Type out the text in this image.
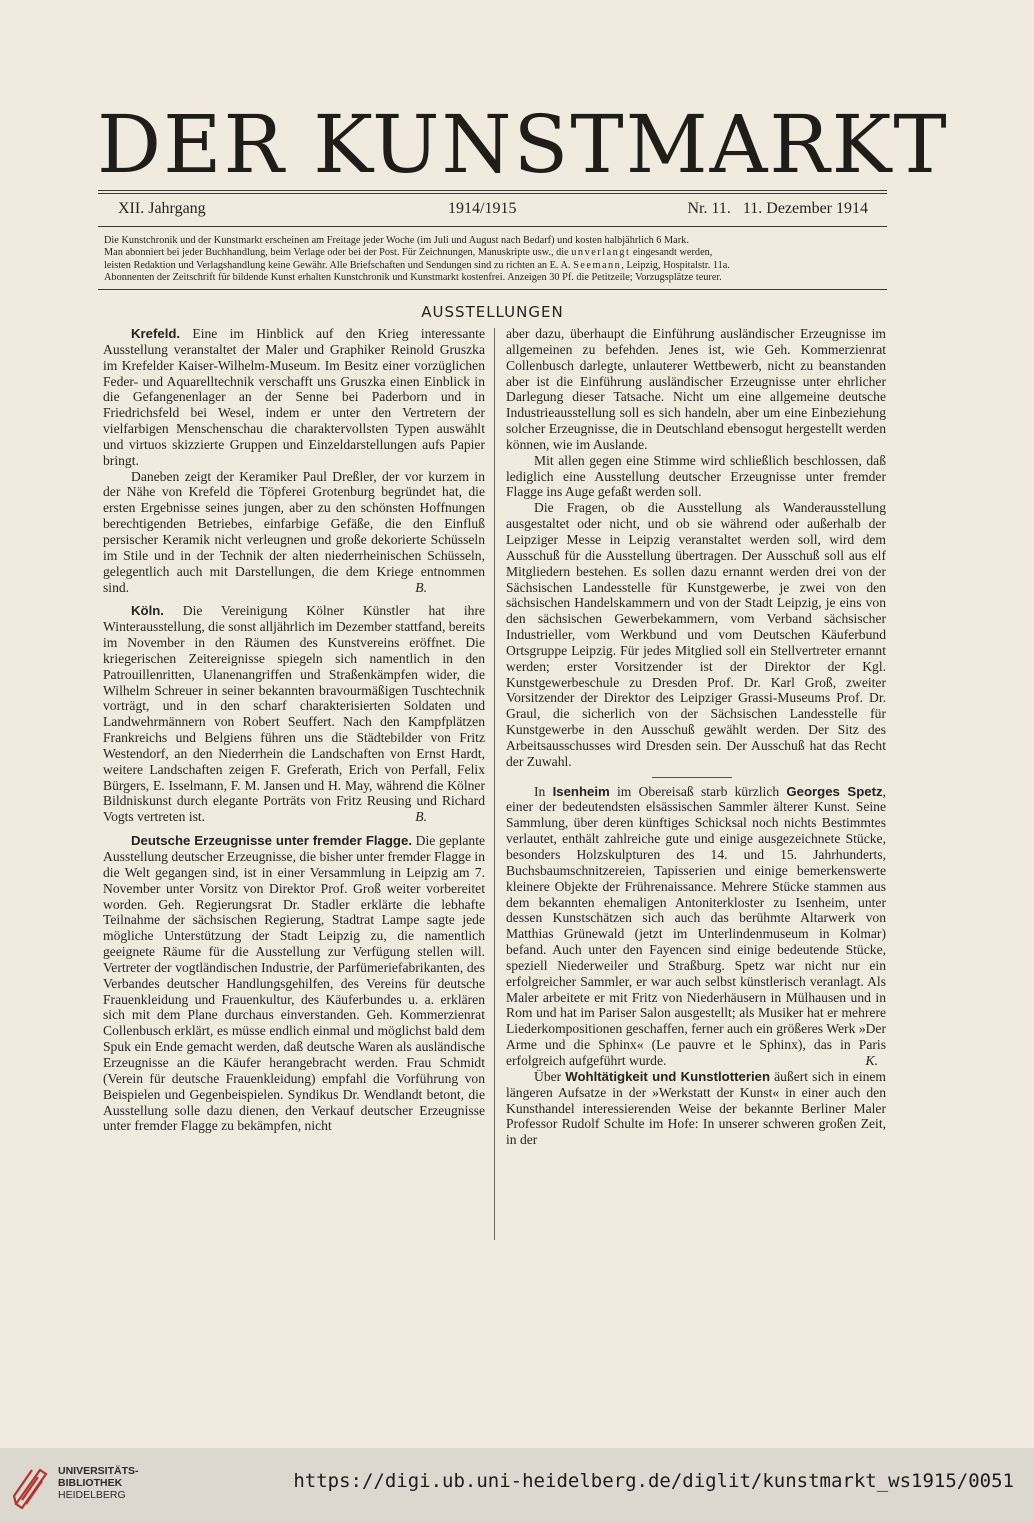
DER KUNSTMARKT
XII. Jahrgang	1914/1915	Nr. 11.   11. Dezember 1914

Die Kunstchronik und der Kunstmarkt erscheinen am Freitage jeder Woche (im Juli und August nach Bedarf) und kosten halbjährlich 6 Mark.

Man abonniert bei jeder Buchhandlung, beim Verlage oder bei der Post. Für Zeichnungen, Manuskripte usw., die unverlangt eingesandt werden,

leisten Redaktion und Verlagshandlung keine Gewähr. Alle Briefschaften und Sendungen sind zu richten an E. A. Seemann, Leipzig, Hospitalstr. 11a.

Abonnenten der Zeitschrift für bildende Kunst erhalten Kunstchronik und Kunstmarkt kostenfrei. Anzeigen 30 Pf. die Petitzeile; Vorzugsplätze teurer.

AUSSTELLUNGEN

Krefeld. Eine im Hinblick auf den Krieg interessante Ausstellung veranstaltet der Maler und Graphiker Reinold Gruszka im Krefelder Kaiser-Wilhelm-Museum. Im Besitz einer vorzüglichen Feder- und Aquarelltechnik verschafft uns Gruszka einen Einblick in die Gefangenenlager an der Senne bei Paderborn und in Friedrichsfeld bei Wesel, indem er unter den Vertretern der vielfarbigen Menschenschau die charaktervollsten Typen auswählt und virtuos skizzierte Gruppen und Einzeldarstellungen aufs Papier bringt.

Daneben zeigt der Keramiker Paul Dreßler, der vor kurzem in der Nähe von Krefeld die Töpferei Grotenburg begründet hat, die ersten Ergebnisse seines jungen, aber zu den schönsten Hoffnungen berechtigenden Betriebes, einfarbige Gefäße, die den Einfluß persischer Keramik nicht verleugnen und große dekorierte Schüsseln im Stile und in der Technik der alten niederrheinischen Schüsseln, gelegentlich auch mit Darstellungen, die dem Kriege entnommen sind.	B.

Köln. Die Vereinigung Kölner Künstler hat ihre Winterausstellung, die sonst alljährlich im Dezember stattfand, bereits im November in den Räumen des Kunstvereins eröffnet. Die kriegerischen Zeitereignisse spiegeln sich namentlich in den Patrouillenritten, Ulanenangriffen und Straßenkämpfen wider, die Wilhelm Schreuer in seiner bekannten bravourmäßigen Tuschtechnik vorträgt, und in den scharf charakterisierten Soldaten und Landwehrmännern von Robert Seuffert. Nach den Kampfplätzen Frankreichs und Belgiens führen uns die Städtebilder von Fritz Westendorf, an den Niederrhein die Landschaften von Ernst Hardt, weitere Landschaften zeigen F. Greferath, Erich von Perfall, Felix Bürgers, E. Isselmann, F. M. Jansen und H. May, während die Kölner Bildniskunst durch elegante Porträts von Fritz Reusing und Richard Vogts vertreten ist.	B.

Deutsche Erzeugnisse unter fremder Flagge. Die geplante Ausstellung deutscher Erzeugnisse, die bisher unter fremder Flagge in die Welt gegangen sind, ist in einer Versammlung in Leipzig am 7. November unter Vorsitz von Direktor Prof. Groß weiter vorbereitet worden. Geh. Regierungsrat Dr. Stadler erklärte die lebhafte Teilnahme der sächsischen Regierung, Stadtrat Lampe sagte jede mögliche Unterstützung der Stadt Leipzig zu, die namentlich geeignete Räume für die Ausstellung zur Verfügung stellen will. Vertreter der vogtländischen Industrie, der Parfümeriefabrikanten, des Verbandes deutscher Handlungsgehilfen, des Vereins für deutsche Frauenkleidung und Frauenkultur, des Käuferbundes u. a. erklären sich mit dem Plane durchaus einverstanden. Geh. Kommerzienrat Collenbusch erklärt, es müsse endlich einmal und möglichst bald dem Spuk ein Ende gemacht werden, daß deutsche Waren als ausländische Erzeugnisse an die Käufer herangebracht werden. Frau Schmidt (Verein für deutsche Frauenkleidung) empfahl die Vorführung von Beispielen und Gegenbeispielen. Syndikus Dr. Wendlandt betont, die Ausstellung solle dazu dienen, den Verkauf deutscher Erzeugnisse unter fremder Flagge zu bekämpfen, nicht

aber dazu, überhaupt die Einführung ausländischer Erzeugnisse im allgemeinen zu befehden. Jenes ist, wie Geh. Kommerzienrat Collenbusch darlegte, unlauterer Wettbewerb, nicht zu beanstanden aber ist die Einführung ausländischer Erzeugnisse unter ehrlicher Darlegung dieser Tatsache. Nicht um eine allgemeine deutsche Industrieausstellung soll es sich handeln, aber um eine Einbeziehung solcher Erzeugnisse, die in Deutschland ebensogut hergestellt werden können, wie im Auslande.

Mit allen gegen eine Stimme wird schließlich beschlossen, daß lediglich eine Ausstellung deutscher Erzeugnisse unter fremder Flagge ins Auge gefaßt werden soll.

Die Fragen, ob die Ausstellung als Wanderausstellung ausgestaltet oder nicht, und ob sie während oder außerhalb der Leipziger Messe in Leipzig veranstaltet werden soll, wird dem Ausschuß für die Ausstellung übertragen. Der Ausschuß soll aus elf Mitgliedern bestehen. Es sollen dazu ernannt werden drei von der Sächsischen Landesstelle für Kunstgewerbe, je zwei von den sächsischen Handelskammern und von der Stadt Leipzig, je eins von den sächsischen Gewerbekammern, vom Verband sächsischer Industrieller, vom Werkbund und vom Deutschen Käuferbund Ortsgruppe Leipzig. Für jedes Mitglied soll ein Stellvertreter ernannt werden; erster Vorsitzender ist der Direktor der Kgl. Kunstgewerbeschule zu Dresden Prof. Dr. Karl Groß, zweiter Vorsitzender der Direktor des Leipziger Grassi-Museums Prof. Dr. Graul, die sicherlich von der Sächsischen Landesstelle für Kunstgewerbe in den Ausschuß gewählt werden. Der Sitz des Arbeitsausschusses wird Dresden sein. Der Ausschuß hat das Recht der Zuwahl.

In Isenheim im Obereisaß starb kürzlich Georges Spetz, einer der bedeutendsten elsässischen Sammler älterer Kunst. Seine Sammlung, über deren künftiges Schicksal noch nichts Bestimmtes verlautet, enthält zahlreiche gute und einige ausgezeichnete Stücke, besonders Holzskulpturen des 14. und 15. Jahrhunderts, Buchsbaumschnitzereien, Tapisserien und einige bemerkenswerte kleinere Objekte der Frührenaissance. Mehrere Stücke stammen aus dem bekannten ehemaligen Antoniterkloster zu Isenheim, unter dessen Kunstschätzen sich auch das berühmte Altarwerk von Matthias Grünewald (jetzt im Unterlindenmuseum in Kolmar) befand. Auch unter den Fayencen sind einige bedeutende Stücke, speziell Niederweiler und Straßburg. Spetz war nicht nur ein erfolgreicher Sammler, er war auch selbst künstlerisch veranlagt. Als Maler arbeitete er mit Fritz von Niederhäusern in Mülhausen und in Rom und hat im Pariser Salon ausgestellt; als Musiker hat er mehrere Liederkompositionen geschaffen, ferner auch ein größeres Werk »Der Arme und die Sphinx« (Le pauvre et le Sphinx), das in Paris erfolgreich aufgeführt wurde.	K.

Über Wohltätigkeit und Kunstlotterien äußert sich in einem längeren Aufsatze in der »Werkstatt der Kunst« in einer auch den Kunsthandel interessierenden Weise der bekannte Berliner Maler Professor Rudolf Schulte im Hofe: In unserer schweren großen Zeit, in der

UNIVERSITÄTS-
BIBLIOTHEK
HEIDELBERG
https://digi.ub.uni-heidelberg.de/diglit/kunstmarkt_ws1915/0051
